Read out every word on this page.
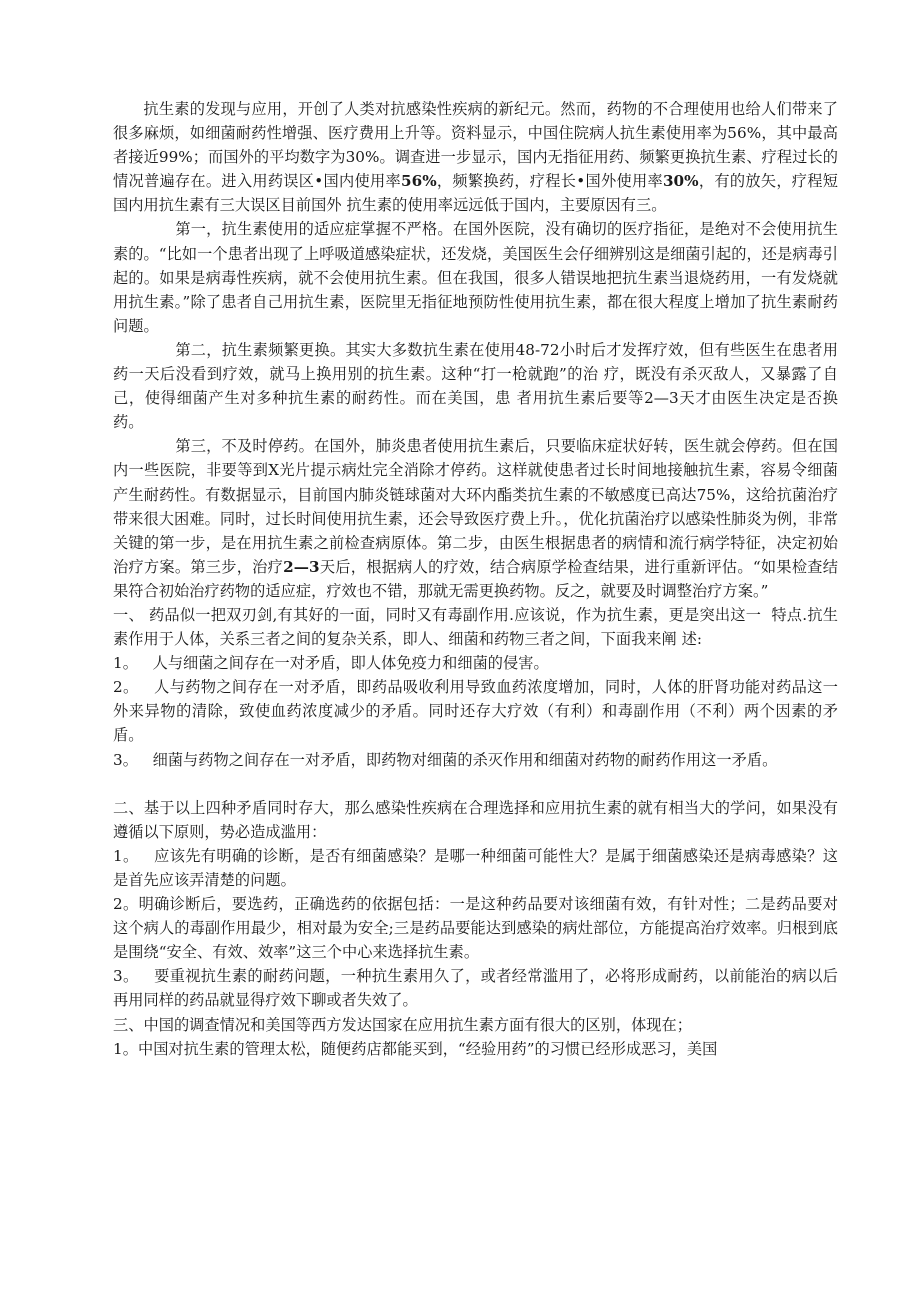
抗生素的发现与应用，开创了人类对抗感染性疾病的新纪元。然而，药物的不合理使用也给人们带来了很多麻烦，如细菌耐药性增强、医疗费用上升等。资料显示，中国住院病人抗生素使用率为56%，其中最高者接近99%；而国外的平均数字为30%。调查进一步显示，国内无指征用药、频繁更换抗生素、疗程过长的情况普遍存在。进入用药误区•国内使用率56%，频繁换药，疗程长•国外使用率30%，有的放矢，疗程短国内用抗生素有三大误区目前国外 抗生素的使用率远远低于国内，主要原因有三。

第一，抗生素使用的适应症掌握不严格。在国外医院，没有确切的医疗指征，是绝对不会使用抗生素的。“比如一个患者出现了上呼吸道感染症状，还发烧，美国医生会仔细辨别这是细菌引起的，还是病毒引起的。如果是病毒性疾病，就不会使用抗生素。但在我国，很多人错误地把抗生素当退烧药用，一有发烧就用抗生素。”除了患者自己用抗生素，医院里无指征地预防性使用抗生素，都在很大程度上增加了抗生素耐药问题。

第二，抗生素频繁更换。其实大多数抗生素在使用48-72小时后才发挥疗效，但有些医生在患者用药一天后没看到疗效，就马上换用别的抗生素。这种“打一枪就跑”的治 疗，既没有杀灭敌人，又暴露了自己，使得细菌产生对多种抗生素的耐药性。而在美国，患 者用抗生素后要等2—3天才由医生决定是否换药。

第三，不及时停药。在国外，肺炎患者使用抗生素后，只要临床症状好转，医生就会停药。但在国内一些医院，非要等到X光片提示病灶完全消除才停药。这样就使患者过长时间地接触抗生素，容易令细菌产生耐药性。有数据显示，目前国内肺炎链球菌对大环内酯类抗生素的不敏感度已高达75%，这给抗菌治疗带来很大困难。同时，过长时间使用抗生素，还会导致医疗费上升。，优化抗菌治疗以感染性肺炎为例，非常关键的第一步，是在用抗生素之前检查病原体。第二步，由医生根据患者的病情和流行病学特征，决定初始治疗方案。第三步，治疗2—3天后，根据病人的疗效，结合病原学检查结果，进行重新评估。“如果检查结果符合初始治疗药物的适应症，疗效也不错，那就无需更换药物。反之，就要及时调整治疗方案。”

一、 药品似一把双刃剑,有其好的一面，同时又有毒副作用.应该说，作为抗生素，更是突出这一  特点.抗生素作用于人体，关系三者之间的复杂关系，即人、细菌和药物三者之间，下面我来阐 述:

1。   人与细菌之间存在一对矛盾，即人体免疫力和细菌的侵害。

2。   人与药物之间存在一对矛盾，即药品吸收利用导致血药浓度增加，同时，人体的肝肾功能对药品这一外来异物的清除，致使血药浓度减少的矛盾。同时还存大疗效（有利）和毒副作用（不利）两个因素的矛盾。

3。   细菌与药物之间存在一对矛盾，即药物对细菌的杀灭作用和细菌对药物的耐药作用这一矛盾。

二、基于以上四种矛盾同时存大，那么感染性疾病在合理选择和应用抗生素的就有相当大的学问，如果没有遵循以下原则，势必造成滥用：

1。   应该先有明确的诊断，是否有细菌感染？是哪一种细菌可能性大？是属于细菌感染还是病毒感染？这是首先应该弄清楚的问题。

2。明确诊断后，要选药，正确选药的依据包括：一是这种药品要对该细菌有效，有针对性；二是药品要对这个病人的毒副作用最少，相对最为安全;三是药品要能达到感染的病灶部位，方能提高治疗效率。归根到底是围绕“安全、有效、效率”这三个中心来选择抗生素。

3。   要重视抗生素的耐药问题，一种抗生素用久了，或者经常滥用了，必将形成耐药，以前能治的病以后再用同样的药品就显得疗效下聊或者失效了。

三、中国的调查情况和美国等西方发达国家在应用抗生素方面有很大的区别，体现在；

1。中国对抗生素的管理太松，随便药店都能买到，“经验用药”的习惯已经形成恶习，美国
